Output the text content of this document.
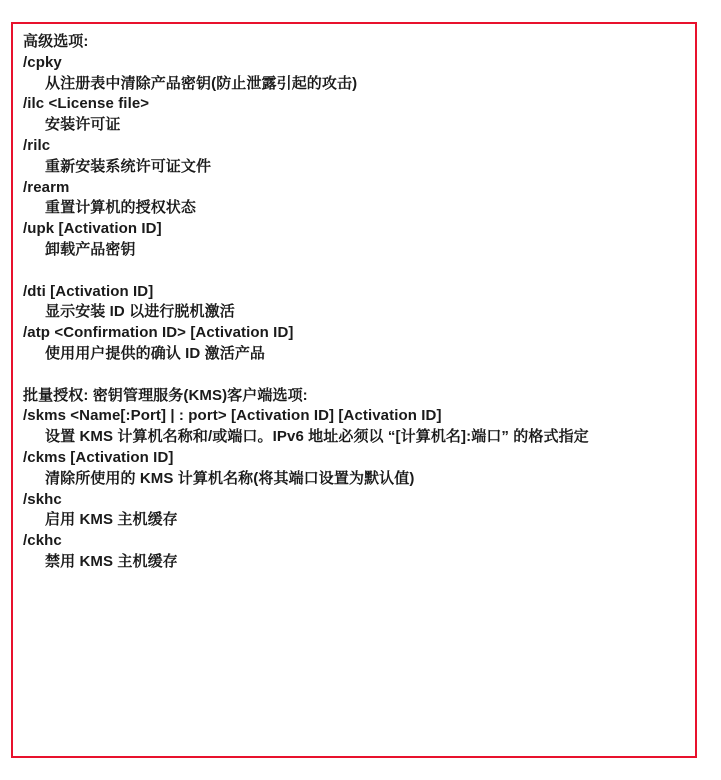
高级选项:
/cpky
从注册表中清除产品密钥(防止泄露引起的攻击)
/ilc <License file>
安装许可证
/rilc
重新安装系统许可证文件
/rearm
重置计算机的授权状态
/upk [Activation ID]
卸载产品密钥
/dti [Activation ID]
显示安装 ID 以进行脱机激活
/atp <Confirmation ID> [Activation ID]
使用用户提供的确认 ID 激活产品
批量授权: 密钥管理服务(KMS)客户端选项:
/skms <Name[:Port] | : port> [Activation ID] [Activation ID]
设置 KMS 计算机名称和/或端口。IPv6 地址必须以 “[计算机名]:端口” 的格式指定
/ckms [Activation ID]
清除所使用的 KMS 计算机名称(将其端口设置为默认值)
/skhc
启用 KMS 主机缓存
/ckhc
禁用 KMS 主机缓存
